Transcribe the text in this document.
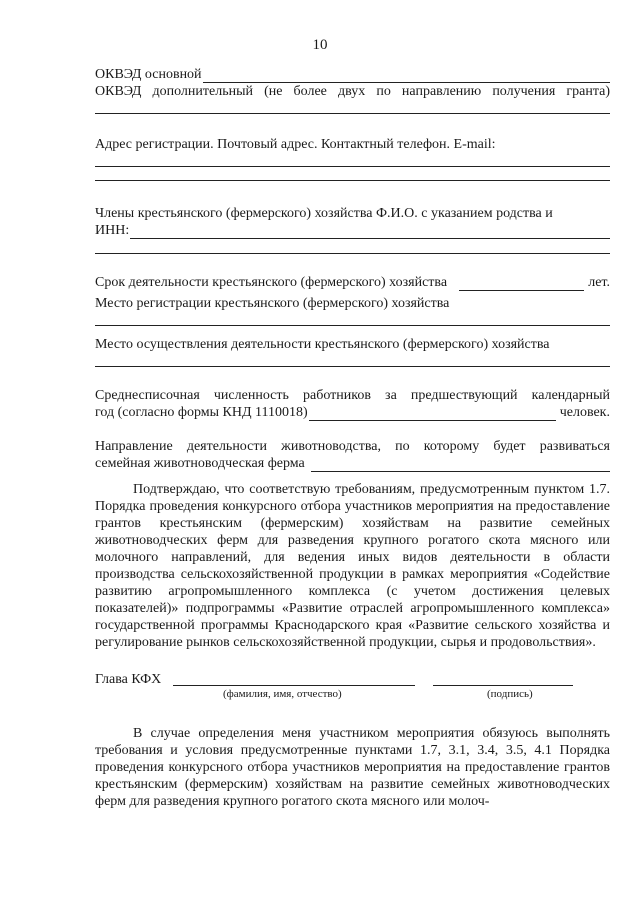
10
ОКВЭД основной
ОКВЭД дополнительный (не более двух по направлению получения гранта)
Адрес регистрации. Почтовый адрес. Контактный телефон. E-mail:
Члены крестьянского (фермерского) хозяйства Ф.И.О. с указанием родства и
ИНН:
Срок деятельности крестьянского (фермерского) хозяйства	лет.
Место регистрации крестьянского (фермерского) хозяйства
Место осуществления деятельности крестьянского (фермерского) хозяйства
Среднесписочная численность работников за предшествующий календарный
год (согласно формы КНД 1110018)	человек.
Направление деятельности животноводства, по которому будет развиваться
семейная животноводческая ферма

Подтверждаю, что соответствую требованиям, предусмотренным пунктом 1.7. Порядка проведения конкурсного отбора участников мероприятия на предоставление грантов крестьянским (фермерским) хозяйствам на развитие семейных животноводческих ферм для разведения крупного рогатого скота мясного или молочного направлений, для ведения иных видов деятельности в области производства сельскохозяйственной продукции в рамках мероприятия «Содействие развитию агропромышленного комплекса (с учетом достижения целевых показателей)» подпрограммы «Развитие отраслей агропромышленного комплекса» государственной программы Краснодарского края «Развитие сельского хозяйства и регулирование рынков сельскохозяйственной продукции, сырья и продовольствия».

Глава КФХ
(фамилия, имя, отчество)	(подпись)

В случае определения меня участником мероприятия обязуюсь выполнять требования и условия предусмотренные пунктами 1.7, 3.1, 3.4, 3.5, 4.1 Порядка проведения конкурсного отбора участников мероприятия на предоставление грантов крестьянским (фермерским) хозяйствам на развитие семейных животноводческих ферм для разведения крупного рогатого скота мясного или молоч-
